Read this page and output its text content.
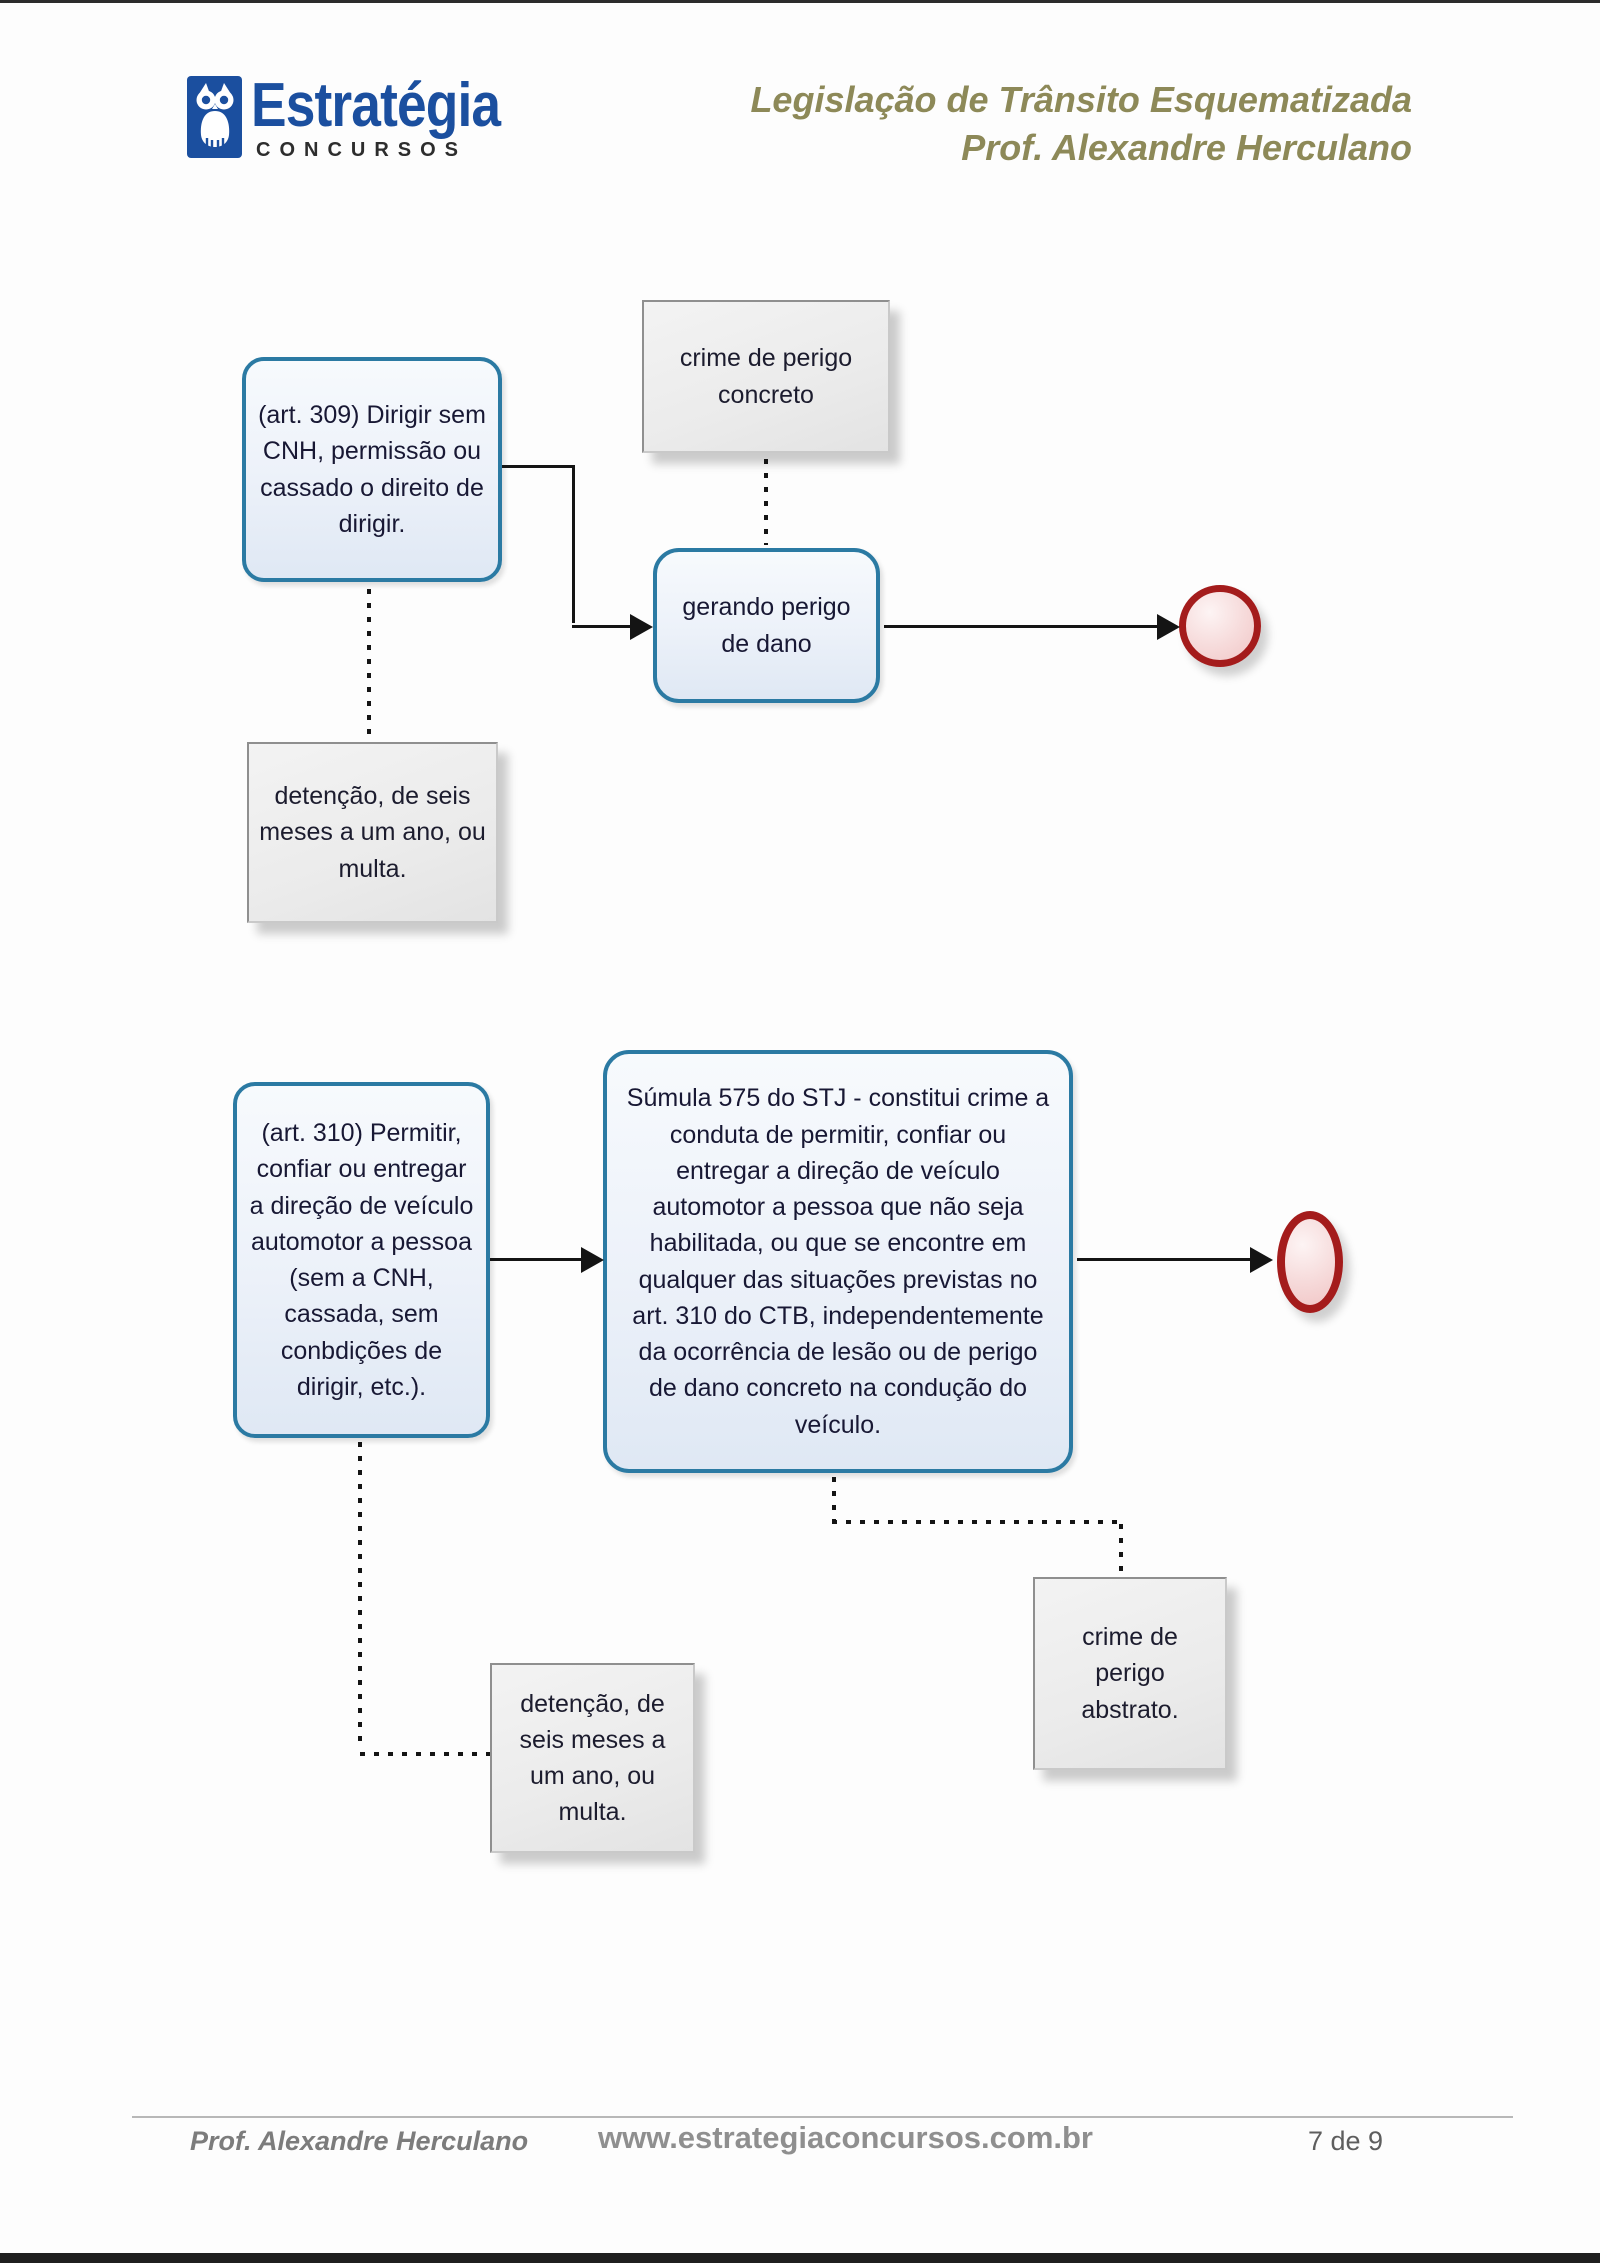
Estratégia
CONCURSOS
Legislação de Trânsito Esquematizada
Prof. Alexandre Herculano
(art. 309) Dirigir sem CNH, permissão ou cassado o direito de dirigir.
crime de perigo concreto
gerando perigo de dano
detenção, de seis meses a um ano, ou multa.
(art. 310) Permitir, confiar ou entregar a direção de veículo automotor a pessoa (sem a CNH, cassada, sem conbdições de dirigir, etc.).
Súmula 575 do STJ - constitui crime a conduta de permitir, confiar ou entregar a direção de veículo automotor a pessoa que não seja habilitada, ou que se encontre em qualquer das situações previstas no art. 310 do CTB, independentemente da ocorrência de lesão ou de perigo de dano concreto na condução do veículo.
crime de perigo abstrato.
detenção, de seis meses a um ano, ou multa.
Prof. Alexandre Herculano www.estrategiaconcursos.com.br	7 de 9
